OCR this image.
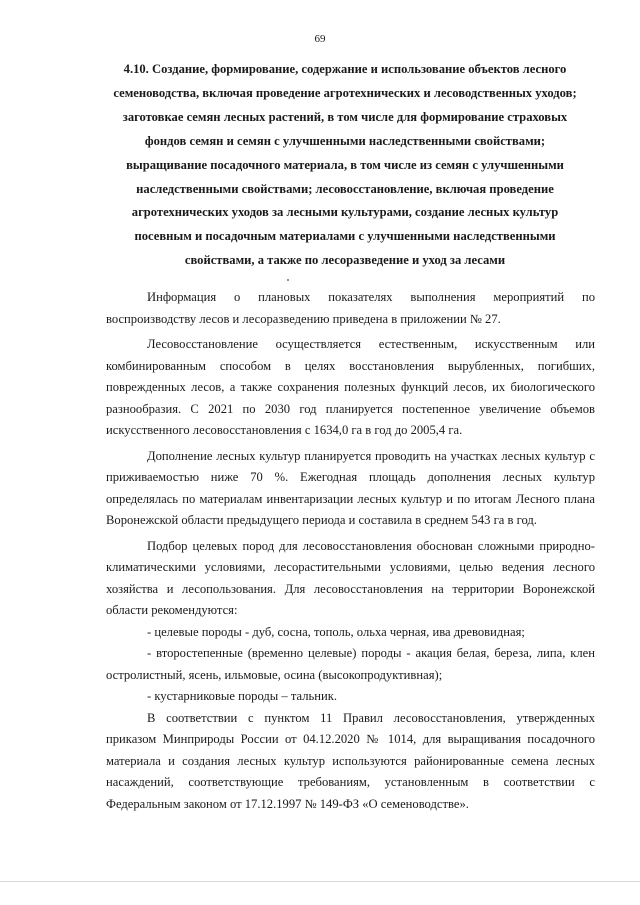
69
4.10. Создание, формирование, содержание и использование объектов лесного
семеноводства, включая проведение агротехнических и лесоводственных уходов;
заготовкае семян лесных растений, в том числе для формирование страховых
фондов семян и семян с улучшенными наследственными свойствами;
выращивание посадочного материала, в том числе из семян с улучшенными
наследственными свойствами; лесовосстановление, включая проведение
агротехнических уходов за лесными культурами, создание лесных культур
посевным и посадочным материалами с улучшенными наследственными
свойствами, а также по лесоразведение и уход за лесами

Информация о плановых показателях выполнения мероприятий по воспроизводству лесов и лесоразведению приведена в приложении № 27.

Лесовосстановление осуществляется естественным, искусственным или комбинированным способом в целях восстановления вырубленных, погибших, поврежденных лесов, а также сохранения полезных функций лесов, их биологического разнообразия. С 2021 по 2030 год планируется постепенное увеличение объемов искусственного лесовосстановления с 1634,0 га в год до 2005,4 га.

Дополнение лесных культур планируется проводить на участках лесных культур с приживаемостью ниже 70 %. Ежегодная площадь дополнения лесных культур определялась по материалам инвентаризации лесных культур и по итогам Лесного плана Воронежской области предыдущего периода и составила в среднем 543 га в год.

Подбор целевых пород для лесовосстановления обоснован сложными природно-климатическими условиями, лесорастительными условиями, целью ведения лесного хозяйства и лесопользования. Для лесовосстановления на территории Воронежской области рекомендуются:

- целевые породы - дуб, сосна, тополь, ольха черная, ива древовидная;

- второстепенные (временно целевые) породы - акация белая, береза, липа, клен остролистный, ясень, ильмовые, осина (высокопродуктивная);

- кустарниковые породы – тальник.

В соответствии с пунктом 11 Правил лесовосстановления, утвержденных приказом Минприроды России от 04.12.2020 № 1014, для выращивания посадочного материала и создания лесных культур используются районированные семена лесных насаждений, соответствующие требованиям, установленным в соответствии с Федеральным законом от 17.12.1997 № 149-ФЗ «О семеноводстве».
